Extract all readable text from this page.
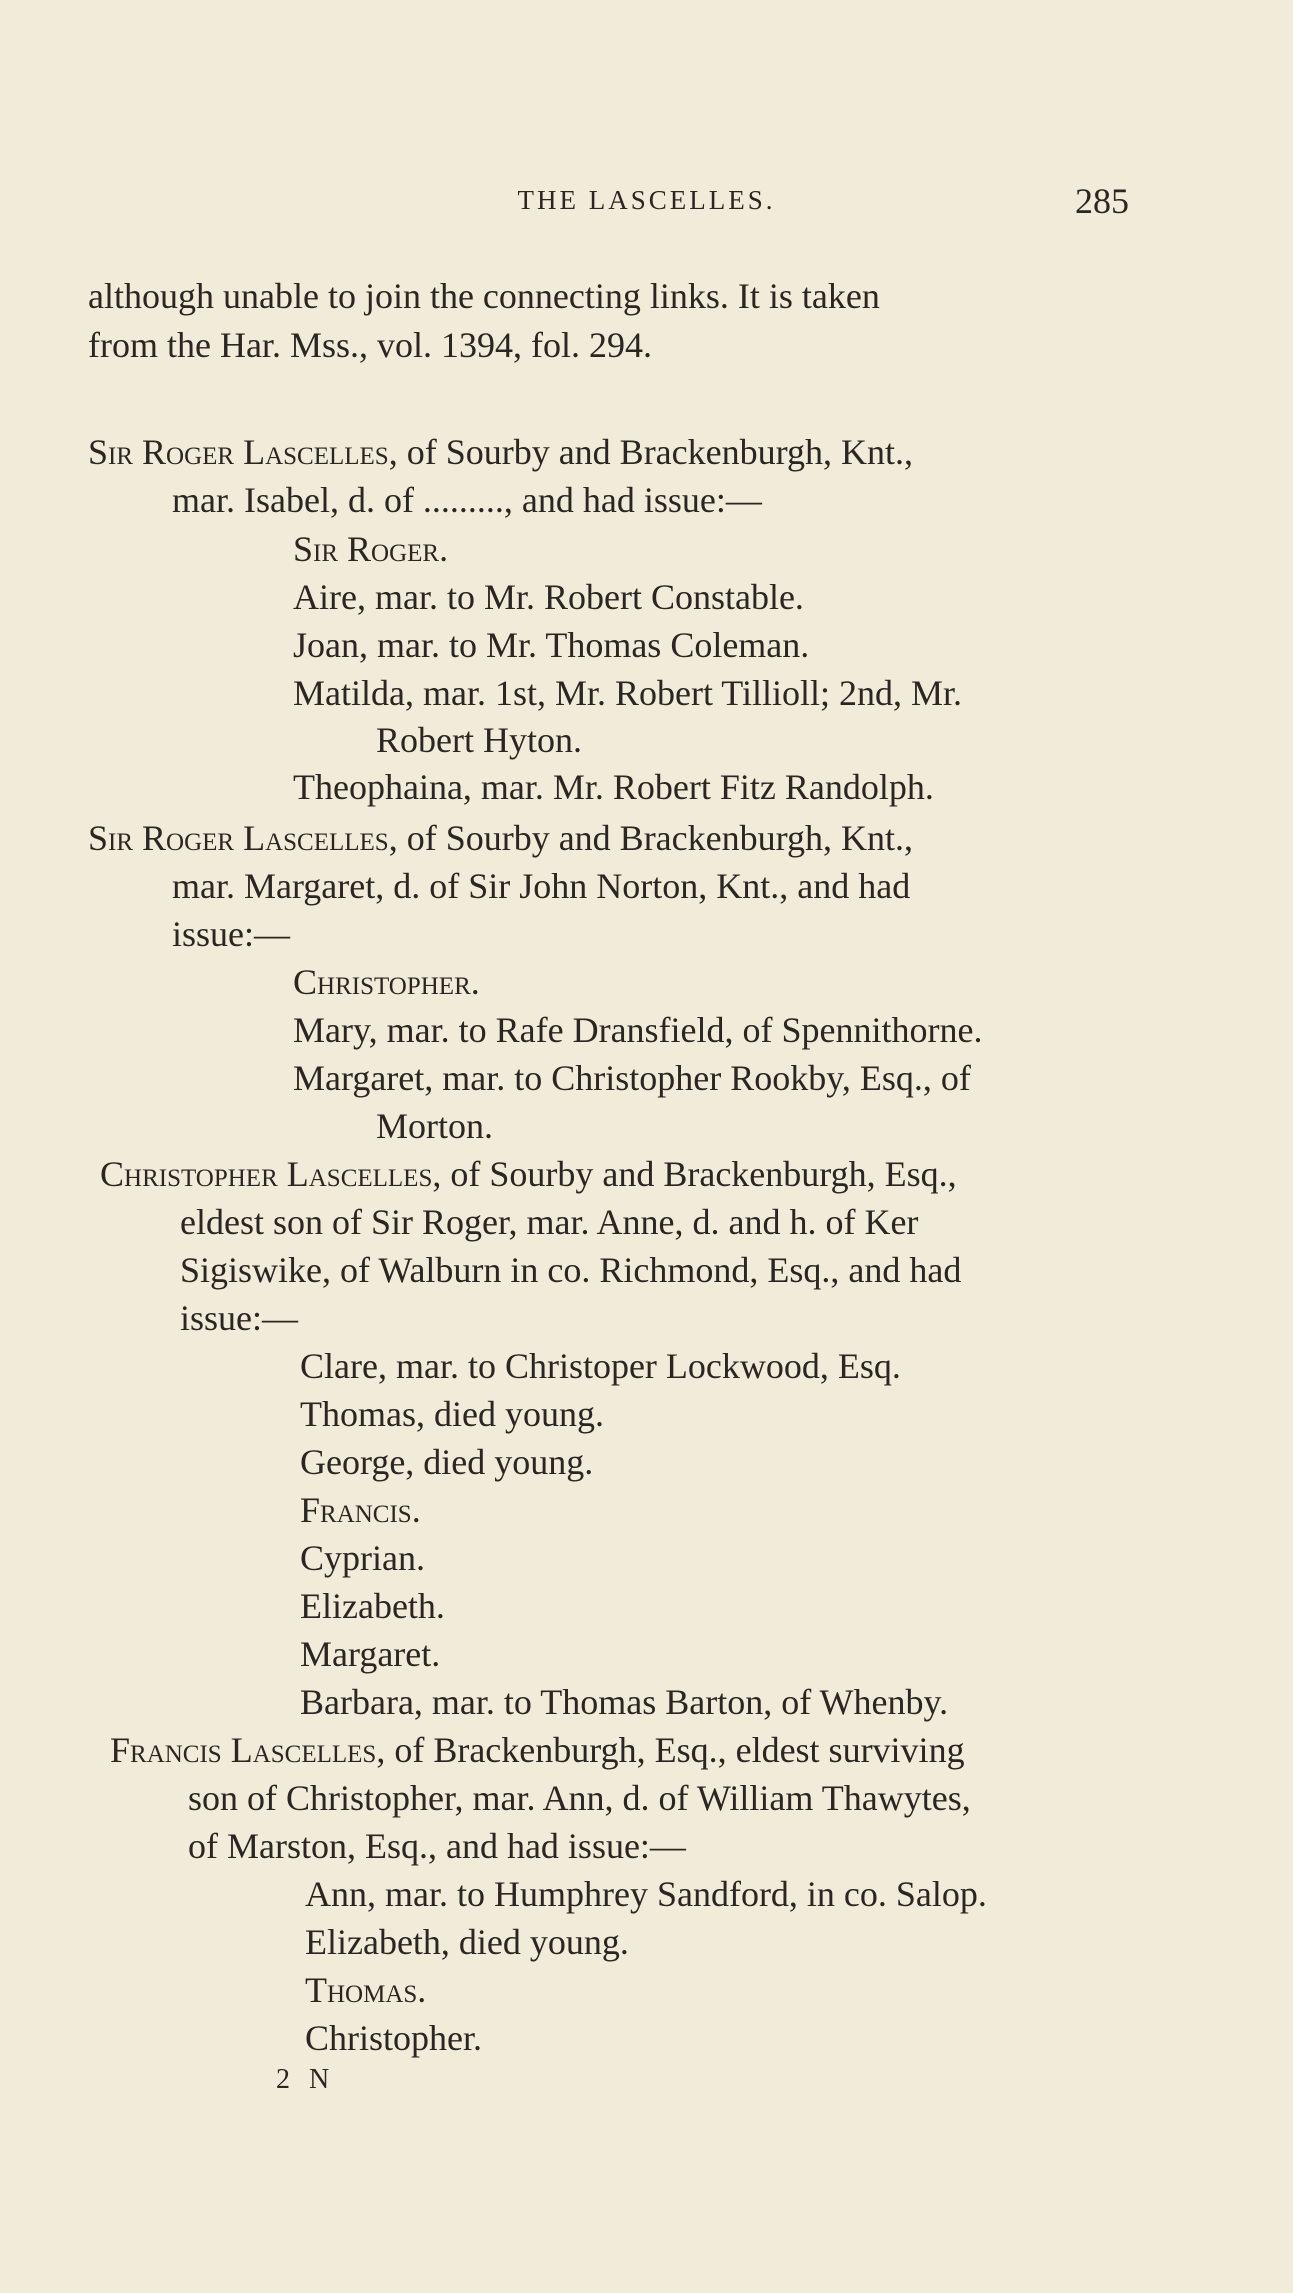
THE LASCELLES.	285
although unable to join the connecting links. It is taken
from the Har. Mss., vol. 1394, fol. 294.
Sir Roger Lascelles, of Sourby and Brackenburgh, Knt.,
mar. Isabel, d. of ........., and had issue:—
Sir Roger.
Aire, mar. to Mr. Robert Constable.
Joan, mar. to Mr. Thomas Coleman.
Matilda, mar. 1st, Mr. Robert Tillioll; 2nd, Mr.
Robert Hyton.
Theophaina, mar. Mr. Robert Fitz Randolph.
Sir Roger Lascelles, of Sourby and Brackenburgh, Knt.,
mar. Margaret, d. of Sir John Norton, Knt., and had
issue:—
Christopher.
Mary, mar. to Rafe Dransfield, of Spennithorne.
Margaret, mar. to Christopher Rookby, Esq., of
Morton.
Christopher Lascelles, of Sourby and Brackenburgh, Esq.,
eldest son of Sir Roger, mar. Anne, d. and h. of Ker
Sigiswike, of Walburn in co. Richmond, Esq., and had
issue:—
Clare, mar. to Christoper Lockwood, Esq.
Thomas, died young.
George, died young.
Francis.
Cyprian.
Elizabeth.
Margaret.
Barbara, mar. to Thomas Barton, of Whenby.
Francis Lascelles, of Brackenburgh, Esq., eldest surviving
son of Christopher, mar. Ann, d. of William Thawytes,
of Marston, Esq., and had issue:—
Ann, mar. to Humphrey Sandford, in co. Salop.
Elizabeth, died young.
Thomas.
Christopher.
2 N
